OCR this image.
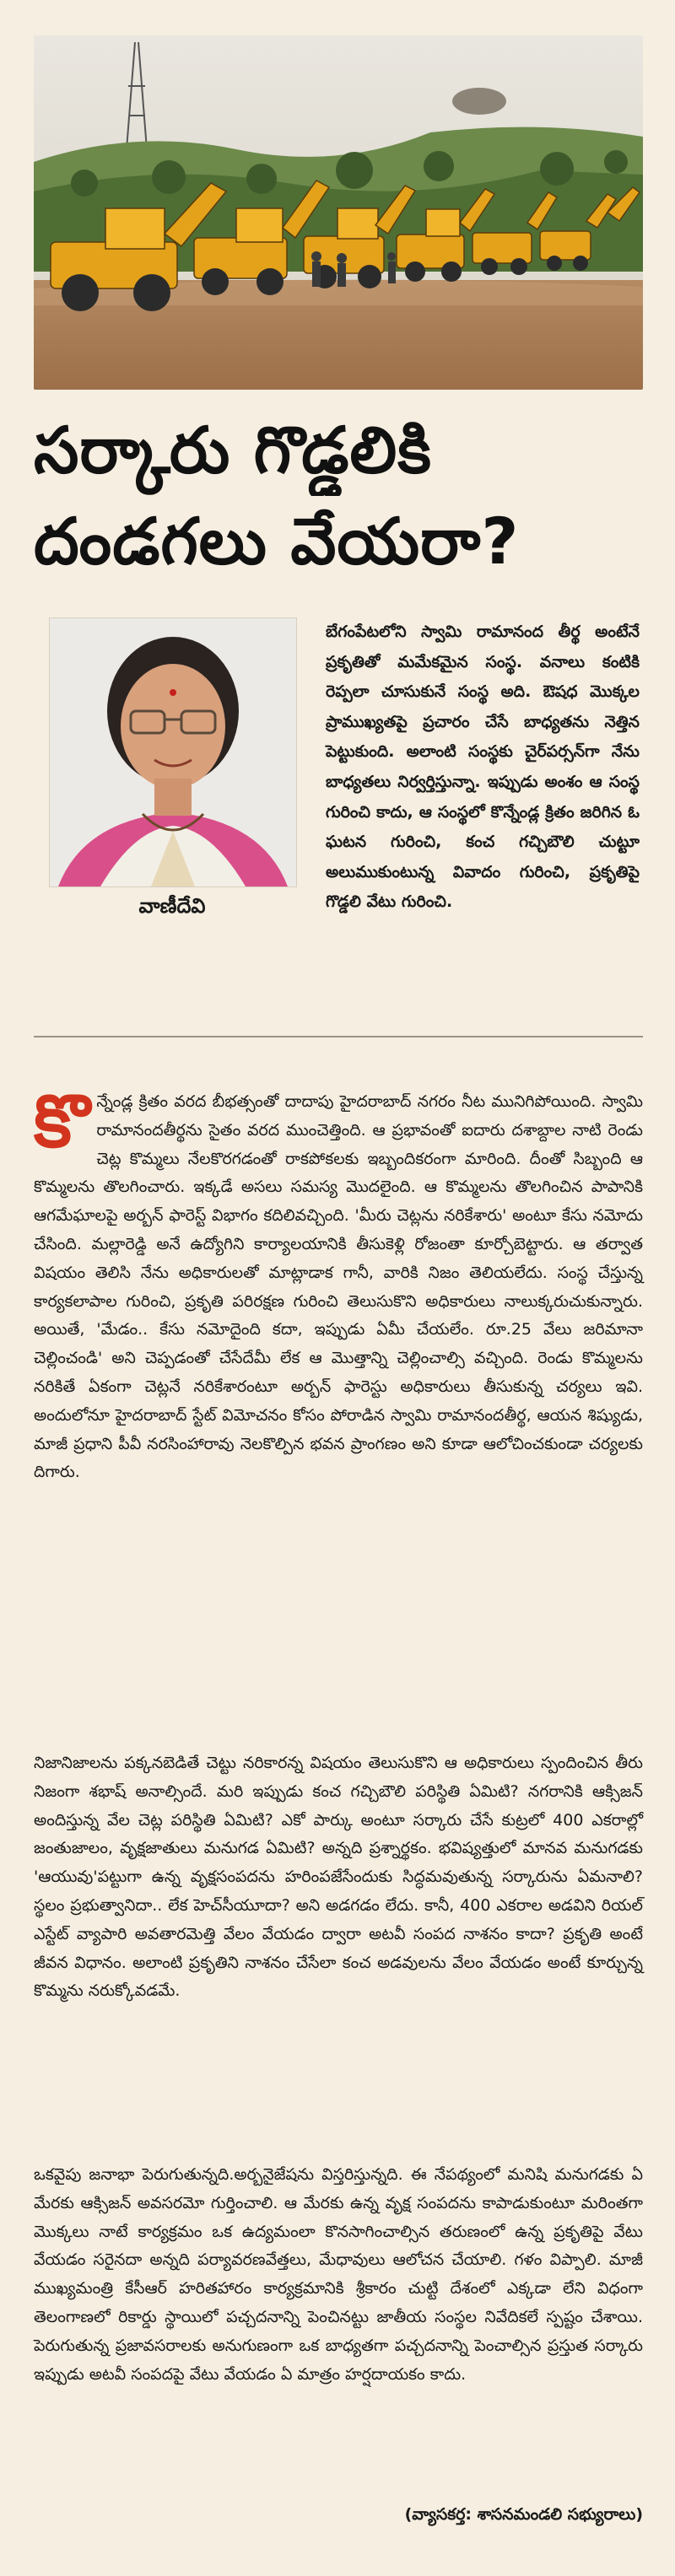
సర్కారు గొడ్డలికి
దండగలు వేయరా?
వాణీదేవి
బేగంపేటలోని స్వామి రామానంద తీర్థ అంటేనే ప్రకృతితో మమేకమైన సంస్థ. వనాలు కంటికి రెప్పలా చూసుకునే సంస్థ అది. ఔషధ మొక్కల ప్రాముఖ్యతపై ప్రచారం చేసే బాధ్యతను నెత్తిన పెట్టుకుంది. అలాంటి సంస్థకు చైర్‌పర్సన్‌గా నేను బాధ్యతలు నిర్వర్తిస్తున్నా. ఇప్పుడు అంశం ఆ సంస్థ గురించి కాదు, ఆ సంస్థలో కొన్నేండ్ల క్రితం జరిగిన ఓ ఘటన గురించి, కంచ గచ్చిబౌలి చుట్టూ అలుముకుంటున్న వివాదం గురించి, ప్రకృతిపై గొడ్డలి వేటు గురించి.
కొ న్నేండ్ల క్రితం వరద బీభత్సంతో దాదాపు హైదరాబాద్‌ నగరం నీట మునిగిపోయింది. స్వామి రామానందతీర్థను సైతం వరద ముంచెత్తింది. ఆ ప్రభావంతో ఐదారు దశాబ్దాల నాటి రెండు చెట్ల కొమ్మలు నేలకొరగడంతో రాకపోకలకు ఇబ్బందికరంగా మారింది. దీంతో సిబ్బంది ఆ కొమ్మలను తొలగించారు. ఇక్కడే అసలు సమస్య మొదలైంది. ఆ కొమ్మలను తొలగించిన పాపానికి ఆగమేఘాలపై అర్బన్‌ ఫారెస్ట్‌ విభాగం కదిలివచ్చింది. 'మీరు చెట్లను నరికేశారు' అంటూ కేసు నమోదు చేసింది. మల్లారెడ్డి అనే ఉద్యోగిని కార్యాలయానికి తీసుకెళ్లి రోజంతా కూర్చోబెట్టారు. ఆ తర్వాత విషయం తెలిసి నేను అధికారులతో మాట్లాడాక గానీ, వారికి నిజం తెలియలేదు. సంస్థ చేస్తున్న కార్యకలాపాల గురించి, ప్రకృతి పరిరక్షణ గురించి తెలుసుకొని అధికారులు నాలుక్కరుచుకున్నారు. అయితే, 'మేడం.. కేసు నమోదైంది కదా, ఇప్పుడు ఏమీ చేయలేం. రూ.25 వేలు జరిమానా చెల్లించండి' అని చెప్పడంతో చేసేదేమీ లేక ఆ మొత్తాన్ని చెల్లించాల్సి వచ్చింది. రెండు కొమ్మలను నరికితే ఏకంగా చెట్లనే నరికేశారంటూ అర్బన్‌ ఫారెస్టు అధికారులు తీసుకున్న చర్యలు ఇవి. అందులోనూ హైదరాబాద్‌ స్టేట్‌ విమోచనం కోసం పోరాడిన స్వామి రామానందతీర్థ, ఆయన శిష్యుడు, మాజీ ప్రధాని పీవీ నరసింహారావు నెలకొల్పిన భవన ప్రాంగణం అని కూడా ఆలోచించకుండా చర్యలకు దిగారు.
నిజానిజాలను పక్కనబెడితే చెట్టు నరికారన్న విషయం తెలుసుకొని ఆ అధికారులు స్పందించిన తీరు నిజంగా శభాష్‌ అనాల్సిందే. మరి ఇప్పుడు కంచ గచ్చిబౌలి పరిస్థితి ఏమిటి? నగరానికి ఆక్సిజన్‌ అందిస్తున్న వేల చెట్ల పరిస్థితి ఏమిటి? ఎకో పార్కు అంటూ సర్కారు చేసే కుట్రలో 400 ఎకరాల్లో జంతుజాలం, వృక్షజాతులు మనుగడ ఏమిటి? అన్నది ప్రశ్నార్థకం. భవిష్యత్తులో మానవ మనుగడకు 'ఆయువు'పట్టుగా ఉన్న వృక్షసంపదను హరింపజేసేందుకు సిద్ధమవుతున్న సర్కారును ఏమనాలి? స్థలం ప్రభుత్వానిదా.. లేక హెచ్‌సీయూదా? అని అడగడం లేదు. కానీ, 400 ఎకరాల అడవిని రియల్‌ ఎస్టేట్‌ వ్యాపారి అవతారమెత్తి వేలం వేయడం ద్వారా అటవీ సంపద నాశనం కాదా? ప్రకృతి అంటే జీవన విధానం. అలాంటి ప్రకృతిని నాశనం చేసేలా కంచ అడవులను వేలం వేయడం అంటే కూర్చున్న కొమ్మను నరుక్కోవడమే.
ఒకవైపు జనాభా పెరుగుతున్నది.అర్బనైజేషను విస్తరిస్తున్నది. ఈ నేపథ్యంలో మనిషి మనుగడకు ఏ మేరకు ఆక్సిజన్‌ అవసరమో గుర్తించాలి. ఆ మేరకు ఉన్న వృక్ష సంపదను కాపాడుకుంటూ మరింతగా మొక్కలు నాటే కార్యక్రమం ఒక ఉద్యమంలా కొనసాగించాల్సిన తరుణంలో ఉన్న ప్రకృతిపై వేటు వేయడం సరైనదా అన్నది పర్యావరణవేత్తలు, మేధావులు ఆలోచన చేయాలి. గళం విప్పాలి. మాజీ ముఖ్యమంత్రి కేసీఆర్‌ హరితహారం కార్యక్రమానికి శ్రీకారం చుట్టి దేశంలో ఎక్కడా లేని విధంగా తెలంగాణలో రికార్డు స్థాయిలో పచ్చదనాన్ని పెంచినట్టు జాతీయ సంస్థల నివేదికలే స్పష్టం చేశాయి. పెరుగుతున్న ప్రజావసరాలకు అనుగుణంగా ఒక బాధ్యతగా పచ్చదనాన్ని పెంచాల్సిన ప్రస్తుత సర్కారు ఇప్పుడు అటవీ సంపదపై వేటు వేయడం ఏ మాత్రం హర్షదాయకం కాదు.
(వ్యాసకర్త: శాసనమండలి సభ్యురాలు)
